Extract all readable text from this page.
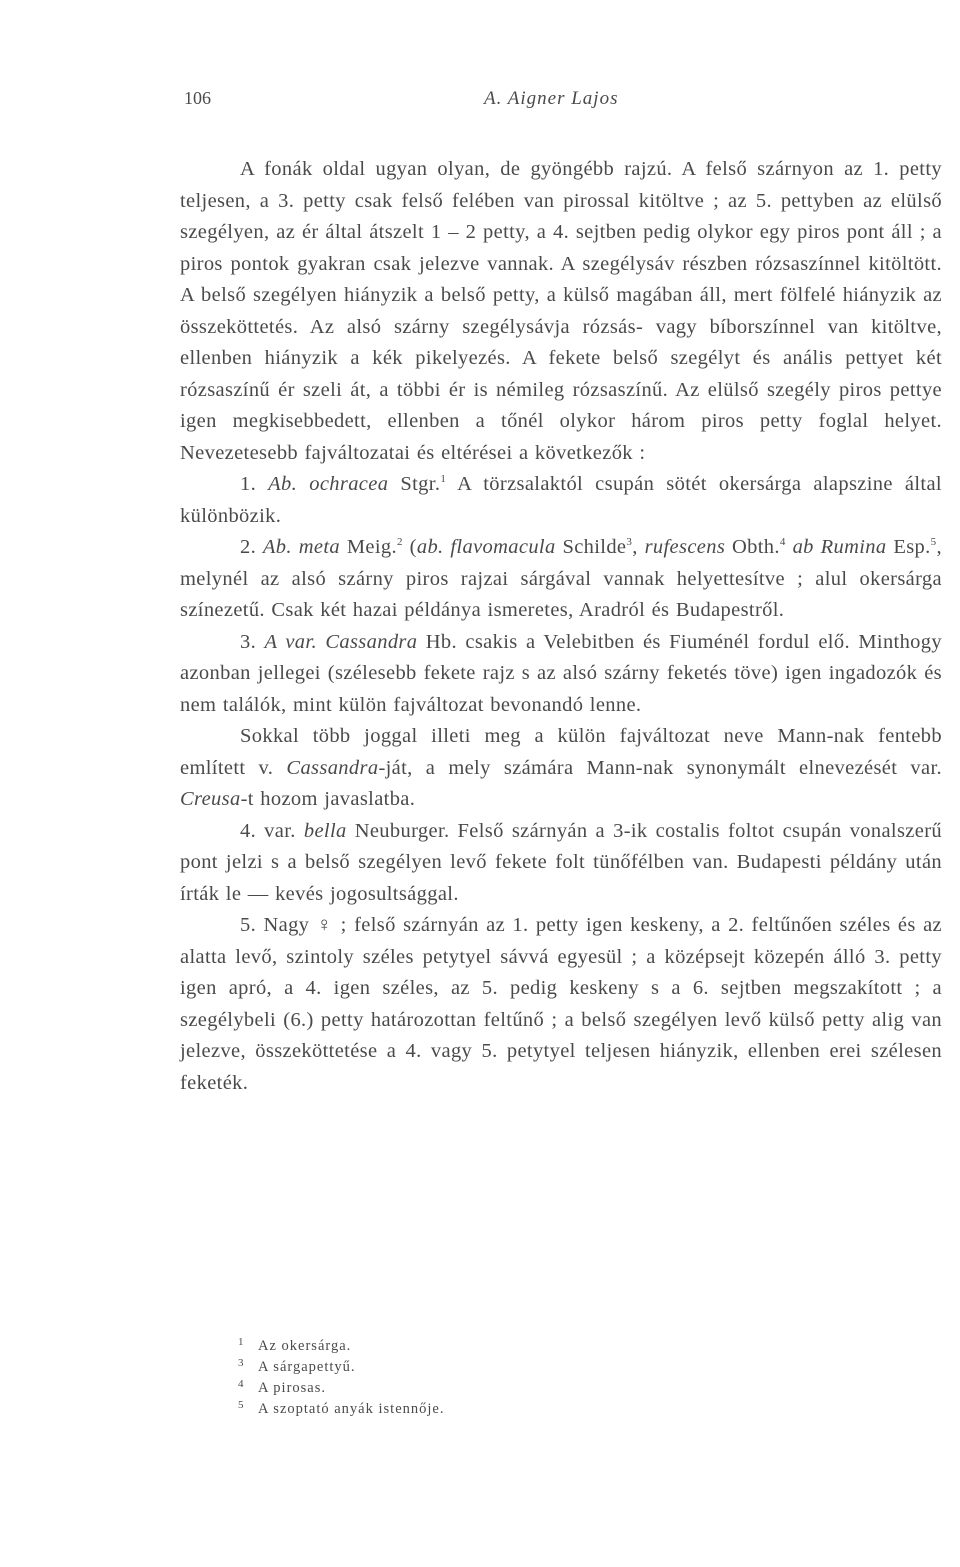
106	A. Aigner Lajos

A fonák oldal ugyan olyan, de gyöngébb rajzú. A felső szárnyon az 1. petty teljesen, a 3. petty csak felső felében van pirossal kitöltve ; az 5. pettyben az elülső szegélyen, az ér által átszelt 1 – 2 petty, a 4. sejtben pedig olykor egy piros pont áll ; a piros pontok gyakran csak jelezve vannak. A szegélysáv részben rózsaszínnel kitöltött. A belső szegélyen hiányzik a belső petty, a külső magában áll, mert fölfelé hiányzik az összeköttetés. Az alsó szárny szegélysávja rózsás- vagy bíborszínnel van kitöltve, ellenben hiányzik a kék pikelyezés. A fekete belső szegélyt és anális pettyet két rózsaszínű ér szeli át, a többi ér is némileg rózsaszínű. Az elülső szegély piros pettye igen megkisebbedett, ellenben a tőnél olykor három piros petty foglal helyet. Nevezetesebb fajváltozatai és eltérései a következők :

1. Ab. ochracea Stgr.$^1$ A törzsalaktól csupán sötét okersárga alapszine által különbözik.

2. Ab. meta Meig.$^2$ (ab. flavomacula Schilde$^3$, rufescens Obth.$^4$ ab Rumina Esp.$^5$, melynél az alsó szárny piros rajzai sárgával vannak helyettesítve ; alul okersárga színezetű. Csak két hazai példánya ismeretes, Aradról és Budapestről.

3. A var. Cassandra Hb. csakis a Velebitben és Fiuménél fordul elő. Minthogy azonban jellegei (szélesebb fekete rajz s az alsó szárny feketés töve) igen ingadozók és nem találók, mint külön fajváltozat bevonandó lenne.

Sokkal több joggal illeti meg a külön fajváltozat neve Mann-nak fentebb említett v. Cassandra-ját, a mely számára Mann-nak synonymált elnevezését var. Creusa-t hozom javaslatba.

4. var. bella Neuburger. Felső szárnyán a 3-ik costalis foltot csupán vonalszerű pont jelzi s a belső szegélyen levő fekete folt tünőfélben van. Budapesti példány után írták le — kevés jogosultsággal.

5. Nagy ♀ ; felső szárnyán az 1. petty igen keskeny, a 2. feltűnően széles és az alatta levő, szintoly széles petytyel sávvá egyesül ; a középsejt közepén álló 3. petty igen apró, a 4. igen széles, az 5. pedig keskeny s a 6. sejtben megszakított ; a szegélybeli (6.) petty határozottan feltűnő ; a belső szegélyen levő külső petty alig van jelezve, összeköttetése a 4. vagy 5. petytyel teljesen hiányzik, ellenben erei szélesen feketék.

1 Az okersárga.
3 A sárgapettyű.
4 A pirosas.
5 A szoptató anyák istennője.
